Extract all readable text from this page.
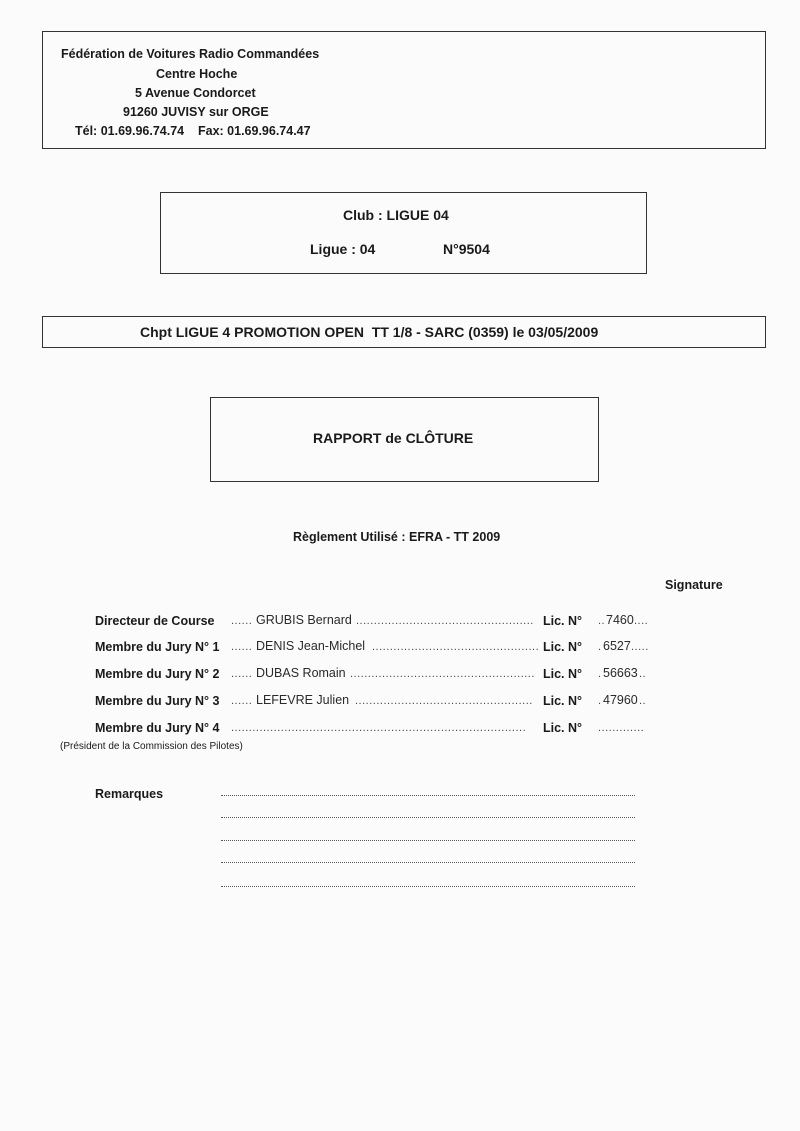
Fédération de Voitures Radio Commandées
Centre Hoche
5 Avenue Condorcet
91260 JUVISY sur ORGE
Tél: 01.69.96.74.74    Fax: 01.69.96.74.47
Club : LIGUE 04
Ligue : 04	N°9504
Chpt LIGUE 4 PROMOTION OPEN  TT 1/8 - SARC (0359) le 03/05/2009
RAPPORT de CLÔTURE
Règlement Utilisé : EFRA - TT 2009
Signature
Directeur de Course ...... GRUBIS Bernard .................................................. Lic. N° .. 7460 ....
Membre du Jury N° 1 ...... DENIS Jean-Michel ............................................... Lic. N° . 6527 .....
Membre du Jury N° 2 ...... DUBAS Romain .................................................... Lic. N° . 56663 ..
Membre du Jury N° 3 ...... LEFEVRE Julien .................................................. Lic. N° . 47960 ..
Membre du Jury N° 4 ................................................................................... Lic. N° .............
(Président de la Commission des Pilotes)
Remarques
